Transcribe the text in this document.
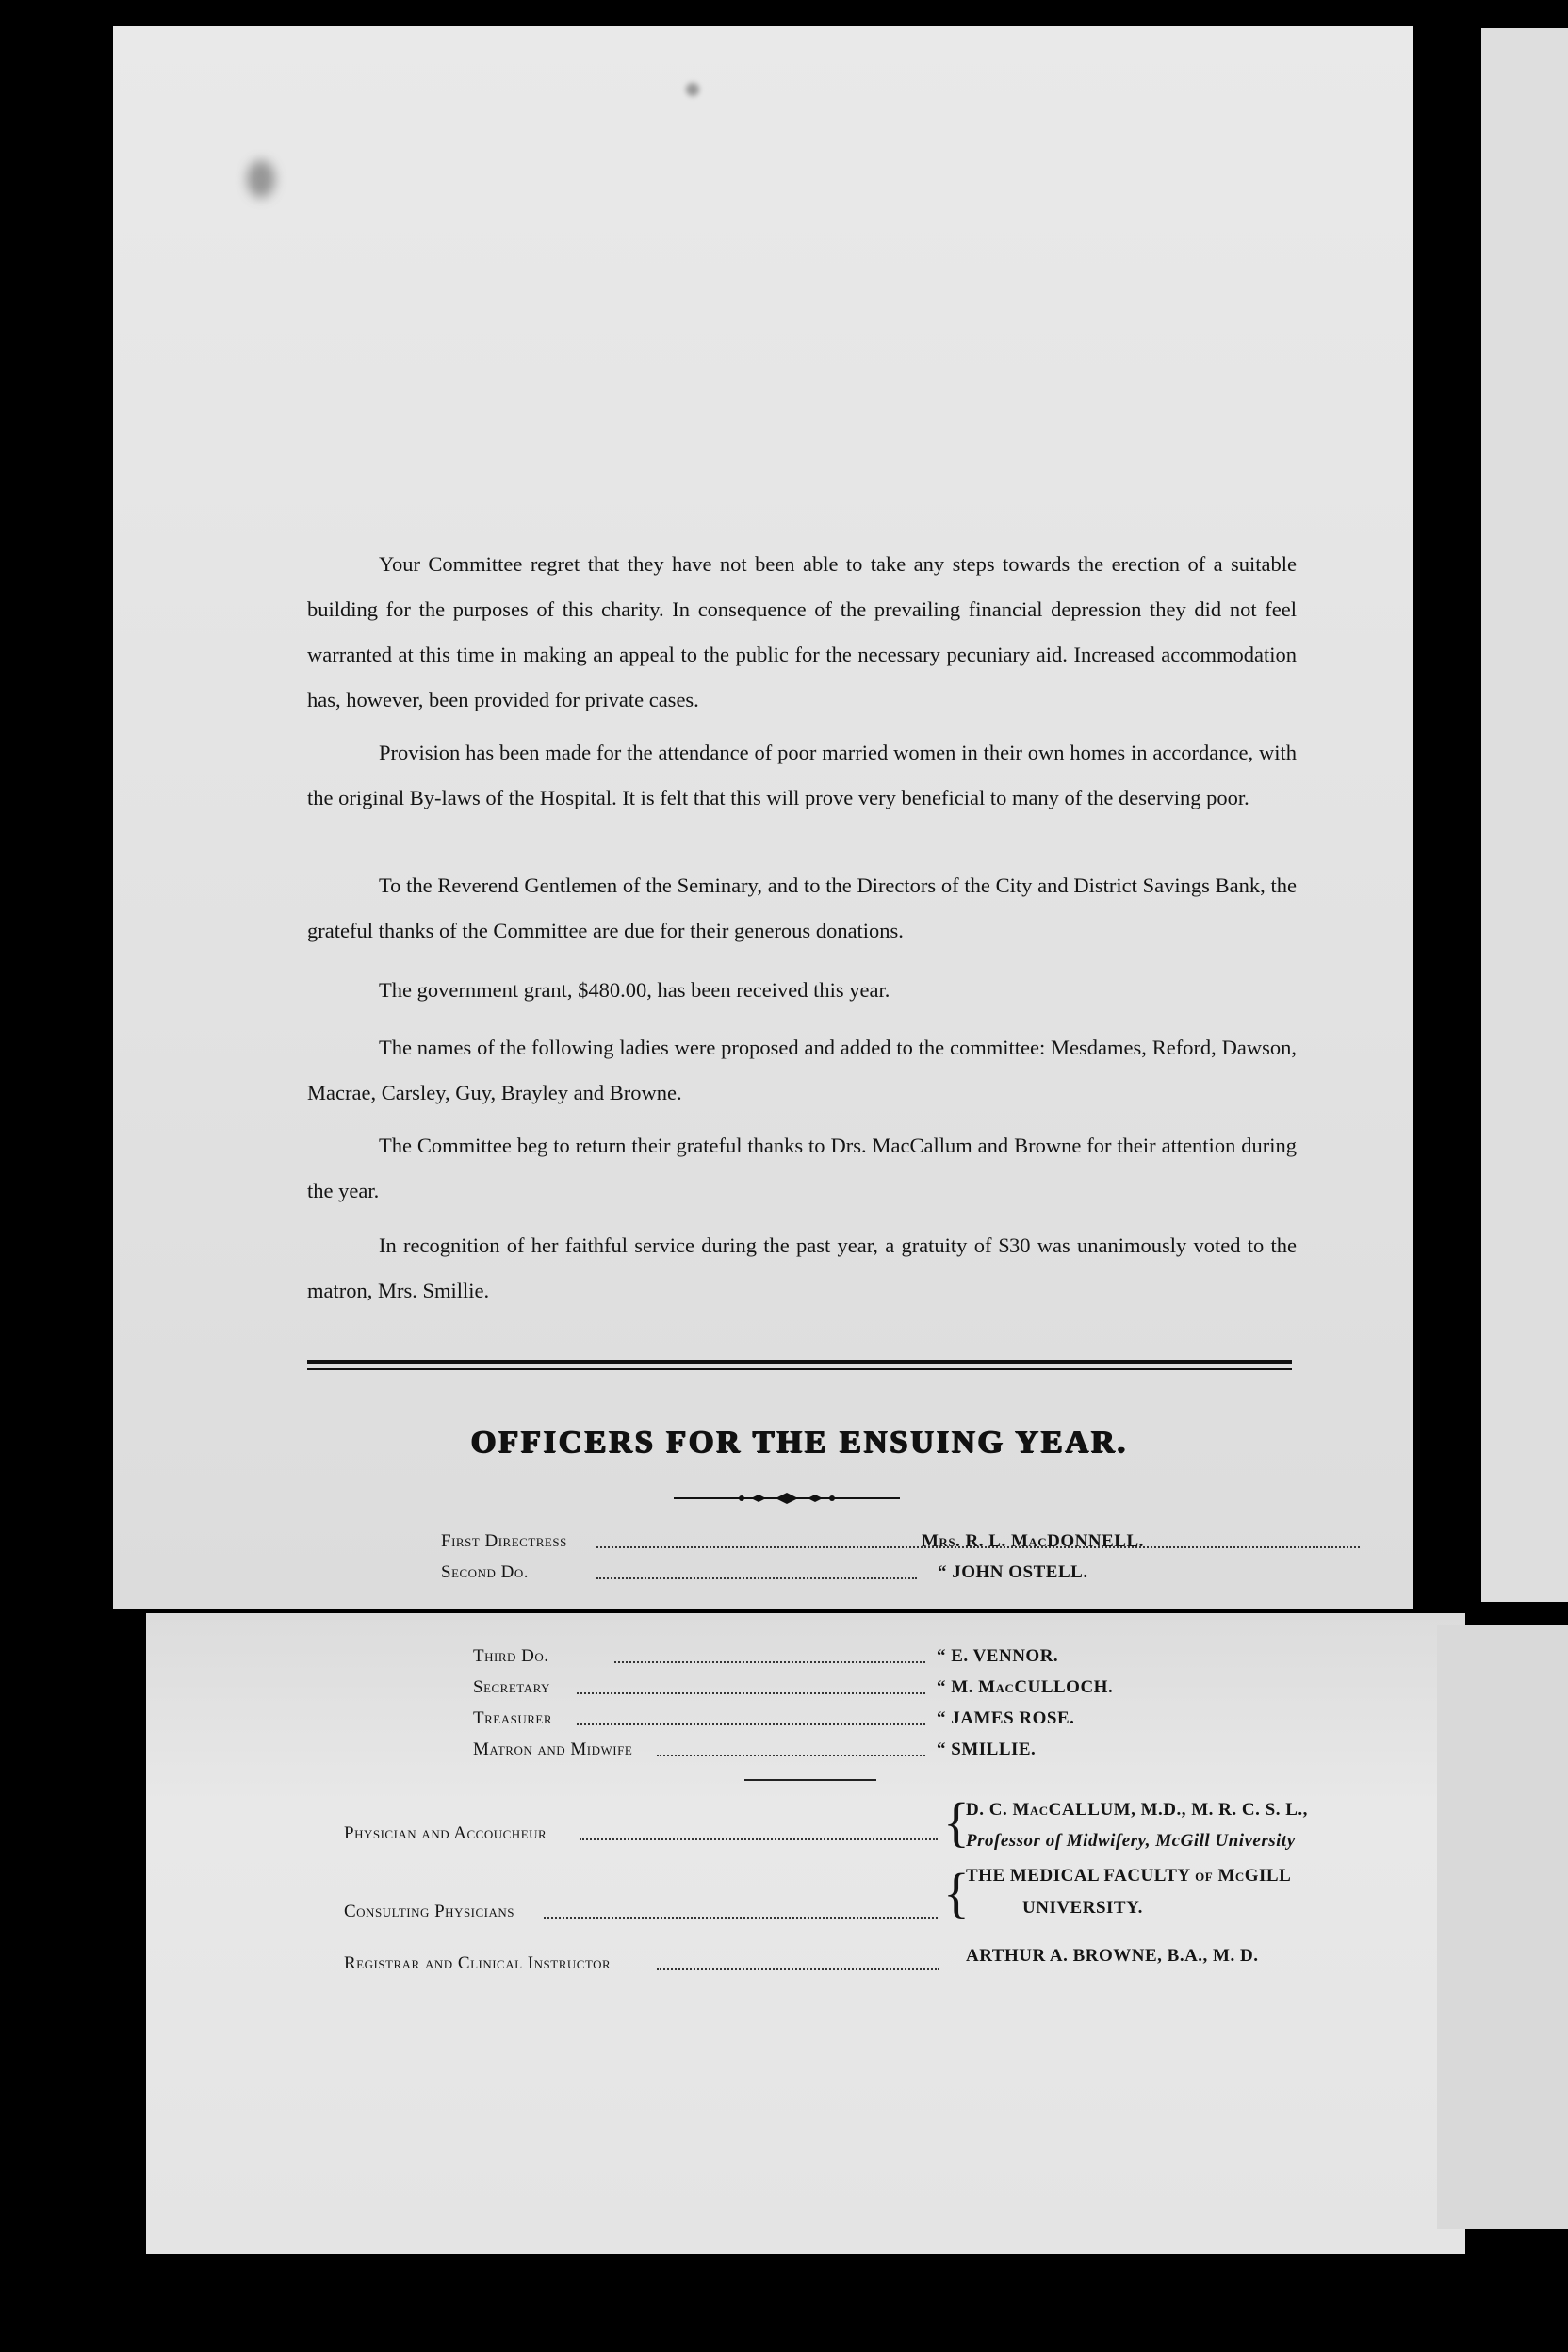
Your Committee regret that they have not been able to take any steps towards the erection of a suitable building for the purposes of this charity. In consequence of the prevailing financial depression they did not feel warranted at this time in making an appeal to the public for the necessary pecuniary aid. Increased accommodation has, however, been provided for private cases.

Provision has been made for the attendance of poor married women in their own homes in accordance, with the original By-laws of the Hospital. It is felt that this will prove very beneficial to many of the deserving poor.

To the Reverend Gentlemen of the Seminary, and to the Directors of the City and District Savings Bank, the grateful thanks of the Committee are due for their generous donations.

The government grant, $480.00, has been received this year.

The names of the following ladies were proposed and added to the committee: Mesdames, Reford, Dawson, Macrae, Carsley, Guy, Brayley and Browne.

The Committee beg to return their grateful thanks to Drs. MacCallum and Browne for their attention during the year.

In recognition of her faithful service during the past year, a gratuity of $30 was unanimously voted to the matron, Mrs. Smillie.

OFFICERS FOR THE ENSUING YEAR.
First Directress	Mrs. R. L. MacDONNELL.
Second Do.	“ JOHN OSTELL.
Third Do.	“ E. VENNOR.
Secretary	“ M. MacCULLOCH.
Treasurer	“ JAMES ROSE.
Matron and Midwife	“ SMILLIE.
Physician and Accoucheur	{
D. C. MacCALLUM, M.D., M. R. C. S. L.,
Professor of Midwifery, McGill University
Consulting Physicians	{
THE MEDICAL FACULTY of McGILL
UNIVERSITY.
Registrar and Clinical Instructor	ARTHUR A. BROWNE, B.A., M. D.
